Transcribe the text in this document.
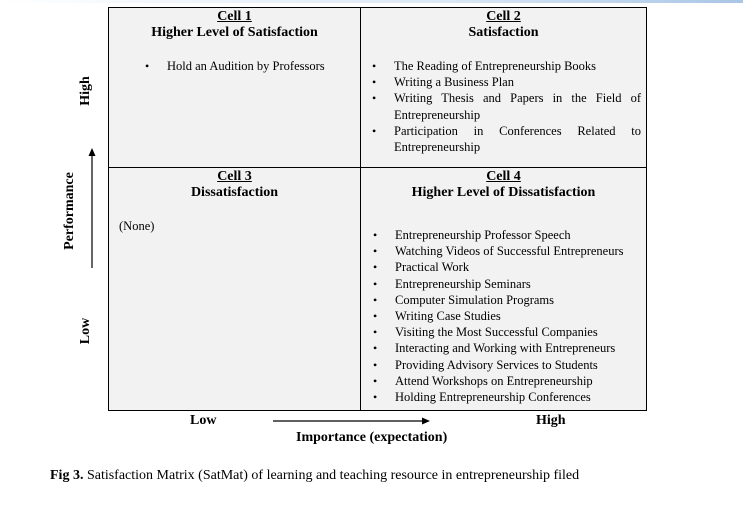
Cell 1
Higher Level of Satisfaction
• Hold an Audition by Professors
Cell 2
Satisfaction
• The Reading of Entrepreneurship Books
• Writing a Business Plan
• Writing Thesis and Papers in the Field of Entrepreneurship
• Participation in Conferences Related to Entrepreneurship
Cell 3
Dissatisfaction
(None)
Cell 4
Higher Level of Dissatisfaction
• Entrepreneurship Professor Speech
• Watching Videos of Successful Entrepreneurs
• Practical Work
• Entrepreneurship Seminars
• Computer Simulation Programs
• Writing Case Studies
• Visiting the Most Successful Companies
• Interacting and Working with Entrepreneurs
• Providing Advisory Services to Students
• Attend Workshops on Entrepreneurship
• Holding Entrepreneurship Conferences
High
Performance
Low
Low	High
Importance (expectation)
Fig 3. Satisfaction Matrix (SatMat) of learning and teaching resource in entrepreneurship filed
